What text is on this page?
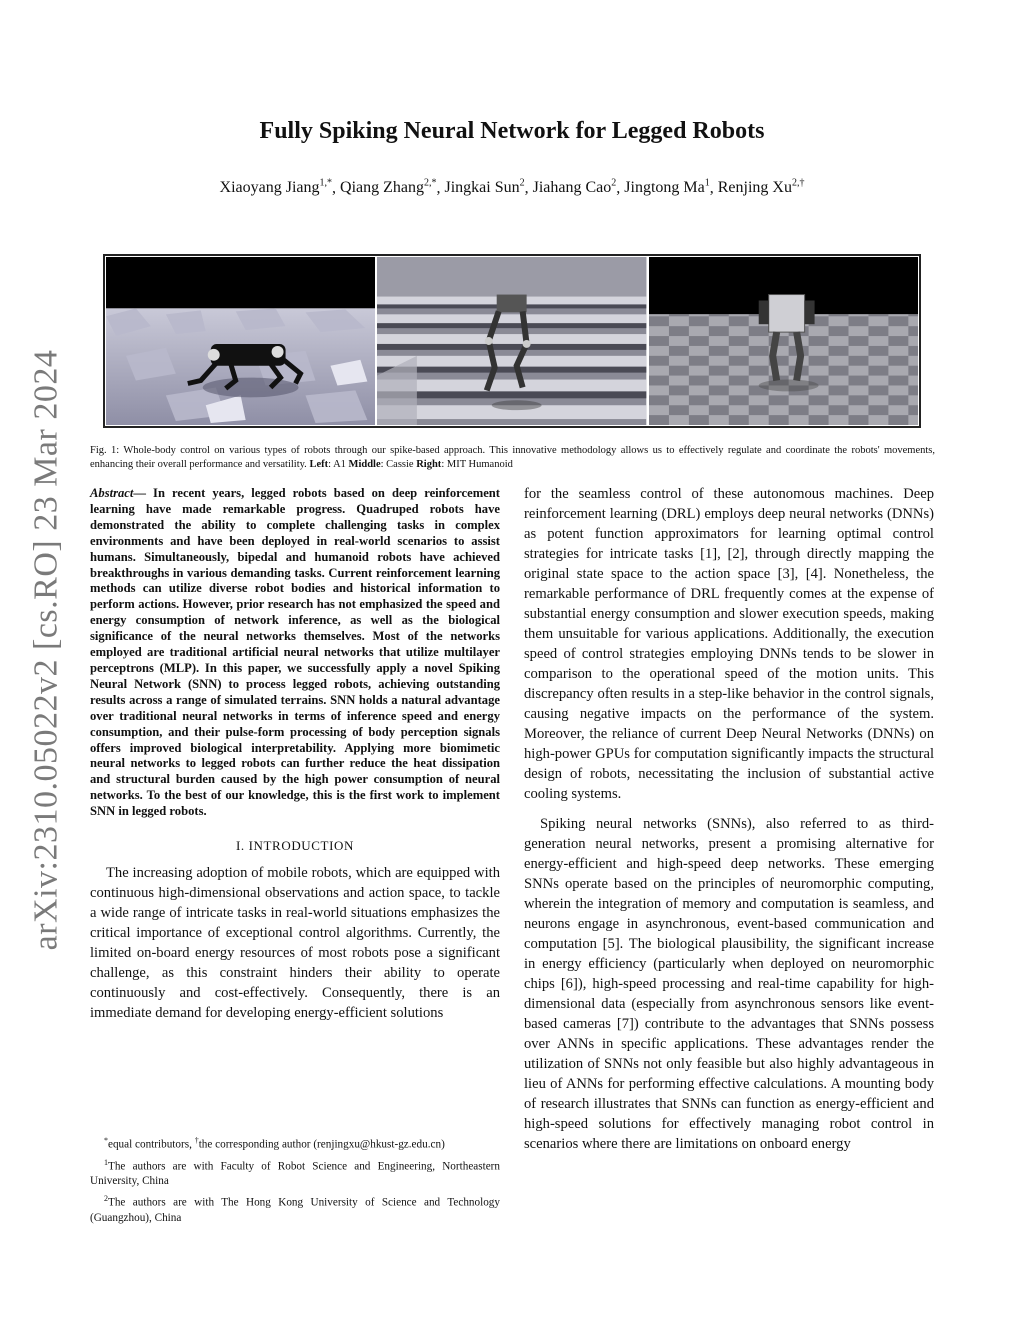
arXiv:2310.05022v2 [cs.RO] 23 Mar 2024
Fully Spiking Neural Network for Legged Robots
Xiaoyang Jiang$^{1,*}$, Qiang Zhang$^{2,*}$, Jingkai Sun$^2$, Jiahang Cao$^2$, Jingtong Ma$^1$, Renjing $Xu^{2,\dagger}$
Fig. 1: Whole-body control on various types of robots through our spike-based approach. This innovative methodology allows us to effectively regulate and coordinate the robots' movements, enhancing their overall performance and versatility. Left: A1 Middle: Cassie Right: MIT Humanoid

Abstract— In recent years, legged robots based on deep reinforcement learning have made remarkable progress. Quadruped robots have demonstrated the ability to complete challenging tasks in complex environments and have been deployed in real-world scenarios to assist humans. Simultaneously, bipedal and humanoid robots have achieved breakthroughs in various demanding tasks. Current reinforcement learning methods can utilize diverse robot bodies and historical information to perform actions. However, prior research has not emphasized the speed and energy consumption of network inference, as well as the biological significance of the neural networks themselves. Most of the networks employed are traditional artificial neural networks that utilize multilayer perceptrons (MLP). In this paper, we successfully apply a novel Spiking Neural Network (SNN) to process legged robots, achieving outstanding results across a range of simulated terrains. SNN holds a natural advantage over traditional neural networks in terms of inference speed and energy consumption, and their pulse-form processing of body perception signals offers improved biological interpretability. Applying more biomimetic neural networks to legged robots can further reduce the heat dissipation and structural burden caused by the high power consumption of neural networks. To the best of our knowledge, this is the first work to implement SNN in legged robots.

I. INTRODUCTION

The increasing adoption of mobile robots, which are equipped with continuous high-dimensional observations and action space, to tackle a wide range of intricate tasks in real-world situations emphasizes the critical importance of exceptional control algorithms. Currently, the limited on-board energy resources of most robots pose a significant challenge, as this constraint hinders their ability to operate continuously and cost-effectively. Consequently, there is an immediate demand for developing energy-efficient solutions

*equal contributors, †the corresponding author (renjingxu@hkust-gz.edu.cn)

$^1$The authors are with Faculty of Robot Science and Engineering, Northeastern University, China

$^2$The authors are with The Hong Kong University of Science and Technology (Guangzhou), China

for the seamless control of these autonomous machines. Deep reinforcement learning (DRL) employs deep neural networks (DNNs) as potent function approximators for learning optimal control strategies for intricate tasks [1], [2], through directly mapping the original state space to the action space [3], [4]. Nonetheless, the remarkable performance of DRL frequently comes at the expense of substantial energy consumption and slower execution speeds, making them unsuitable for various applications. Additionally, the execution speed of control strategies employing DNNs tends to be slower in comparison to the operational speed of the motion units. This discrepancy often results in a step-like behavior in the control signals, causing negative impacts on the performance of the system. Moreover, the reliance of current Deep Neural Networks (DNNs) on high-power GPUs for computation significantly impacts the structural design of robots, necessitating the inclusion of substantial active cooling systems.

Spiking neural networks (SNNs), also referred to as third-generation neural networks, present a promising alternative for energy-efficient and high-speed deep networks. These emerging SNNs operate based on the principles of neuromorphic computing, wherein the integration of memory and computation is seamless, and neurons engage in asynchronous, event-based communication and computation [5]. The biological plausibility, the significant increase in energy efficiency (particularly when deployed on neuromorphic chips [6]), high-speed processing and real-time capability for high-dimensional data (especially from asynchronous sensors like event-based cameras [7]) contribute to the advantages that SNNs possess over ANNs in specific applications. These advantages render the utilization of SNNs not only feasible but also highly advantageous in lieu of ANNs for performing effective calculations. A mounting body of research illustrates that SNNs can function as energy-efficient and high-speed solutions for effectively managing robot control in scenarios where there are limitations on onboard energy
